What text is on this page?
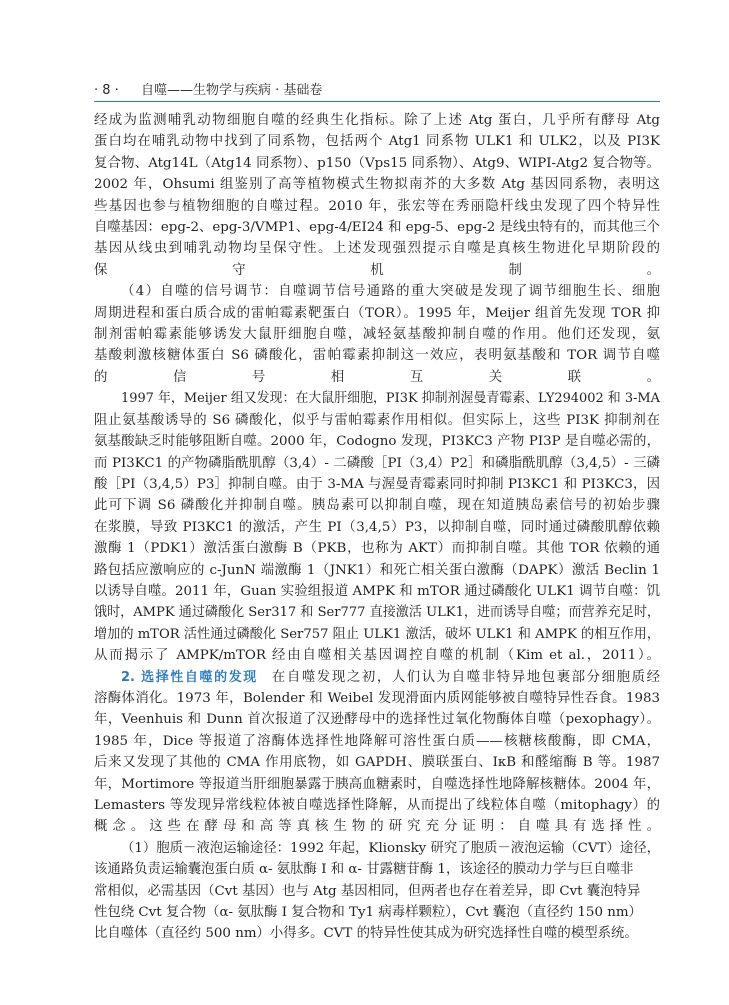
· 8 · 自噬——生物学与疾病 · 基础卷
经成为监测哺乳动物细胞自噬的经典生化指标。除了上述 Atg 蛋白，几乎所有酵母 Atg
蛋白均在哺乳动物中找到了同系物，包括两个 Atg1 同系物 ULK1 和 ULK2，以及 PI3K
复合物、Atg14L（Atg14 同系物）、p150（Vps15 同系物）、Atg9、WIPI-Atg2 复合物等。
2002 年，Ohsumi 组鉴别了高等植物模式生物拟南芥的大多数 Atg 基因同系物，表明这
些基因也参与植物细胞的自噬过程。2010 年，张宏等在秀丽隐杆线虫发现了四个特异性
自噬基因：epg-2、epg-3/VMP1、epg-4/EI24 和 epg-5、epg-2 是线虫特有的，而其他三个
基因从线虫到哺乳动物均呈保守性。上述发现强烈提示自噬是真核生物进化早期阶段的
保守机制。
（4）自噬的信号调节：自噬调节信号通路的重大突破是发现了调节细胞生长、细胞
周期进程和蛋白质合成的雷帕霉素靶蛋白（TOR）。1995 年，Meijer 组首先发现 TOR 抑
制剂雷帕霉素能够诱发大鼠肝细胞自噬，减轻氨基酸抑制自噬的作用。他们还发现，氨
基酸刺激核糖体蛋白 S6 磷酸化，雷帕霉素抑制这一效应，表明氨基酸和 TOR 调节自噬
的信号相互关联。
1997 年，Meijer 组又发现：在大鼠肝细胞，PI3K 抑制剂渥曼青霉素、LY294002 和 3-MA
阻止氨基酸诱导的 S6 磷酸化，似乎与雷帕霉素作用相似。但实际上，这些 PI3K 抑制剂在
氨基酸缺乏时能够阻断自噬。2000 年，Codogno 发现，PI3KC3 产物 PI3P 是自噬必需的，
而 PI3KC1 的产物磷脂酰肌醇（3,4）- 二磷酸［PI（3,4）P2］和磷脂酰肌醇（3,4,5）- 三磷
酸［PI（3,4,5）P3］抑制自噬。由于 3-MA 与渥曼青霉素同时抑制 PI3KC1 和 PI3KC3，因
此可下调 S6 磷酸化并抑制自噬。胰岛素可以抑制自噬，现在知道胰岛素信号的初始步骤
在浆膜，导致 PI3KC1 的激活，产生 PI（3,4,5）P3，以抑制自噬，同时通过磷酸肌醇依赖
激酶 1（PDK1）激活蛋白激酶 B（PKB，也称为 AKT）而抑制自噬。其他 TOR 依赖的通
路包括应激响应的 c-JunN 端激酶 1（JNK1）和死亡相关蛋白激酶（DAPK）激活 Beclin 1
以诱导自噬。2011 年，Guan 实验组报道 AMPK 和 mTOR 通过磷酸化 ULK1 调节自噬：饥
饿时，AMPK 通过磷酸化 Ser317 和 Ser777 直接激活 ULK1，进而诱导自噬；而营养充足时，
增加的 mTOR 活性通过磷酸化 Ser757 阻止 ULK1 激活，破坏 ULK1 和 AMPK 的相互作用，
从而揭示了 AMPK/mTOR 经由自噬相关基因调控自噬的机制（Kim et al.，2011）。
2. 选择性自噬的发现 在自噬发现之初，人们认为自噬非特异地包裹部分细胞质经
溶酶体消化。1973 年，Bolender 和 Weibel 发现滑面内质网能够被自噬特异性吞食。1983
年，Veenhuis 和 Dunn 首次报道了汉逊酵母中的选择性过氧化物酶体自噬（pexophagy）。
1985 年，Dice 等报道了溶酶体选择性地降解可溶性蛋白质——核糖核酸酶，即 CMA，
后来又发现了其他的 CMA 作用底物，如 GAPDH、膜联蛋白、IκB 和醛缩酶 B 等。1987
年，Mortimore 等报道当肝细胞暴露于胰高血糖素时，自噬选择性地降解核糖体。2004 年，
Lemasters 等发现异常线粒体被自噬选择性降解，从而提出了线粒体自噬（mitophagy）的
概念。这些在酵母和高等真核生物的研究充分证明：自噬具有选择性。
（1）胞质－液泡运输途径：1992 年起，Klionsky 研究了胞质－液泡运输（CVT）途径，
该通路负责运输囊泡蛋白质 α- 氨肽酶 Ⅰ 和 α- 甘露糖苷酶 1，该途径的膜动力学与巨自噬非
常相似，必需基因（Cvt 基因）也与 Atg 基因相同，但两者也存在着差异，即 Cvt 囊泡特异
性包绕 Cvt 复合物（α- 氨肽酶 Ⅰ 复合物和 Ty1 病毒样颗粒），Cvt 囊泡（直径约 150 nm）
比自噬体（直径约 500 nm）小得多。CVT 的特异性使其成为研究选择性自噬的模型系统。
